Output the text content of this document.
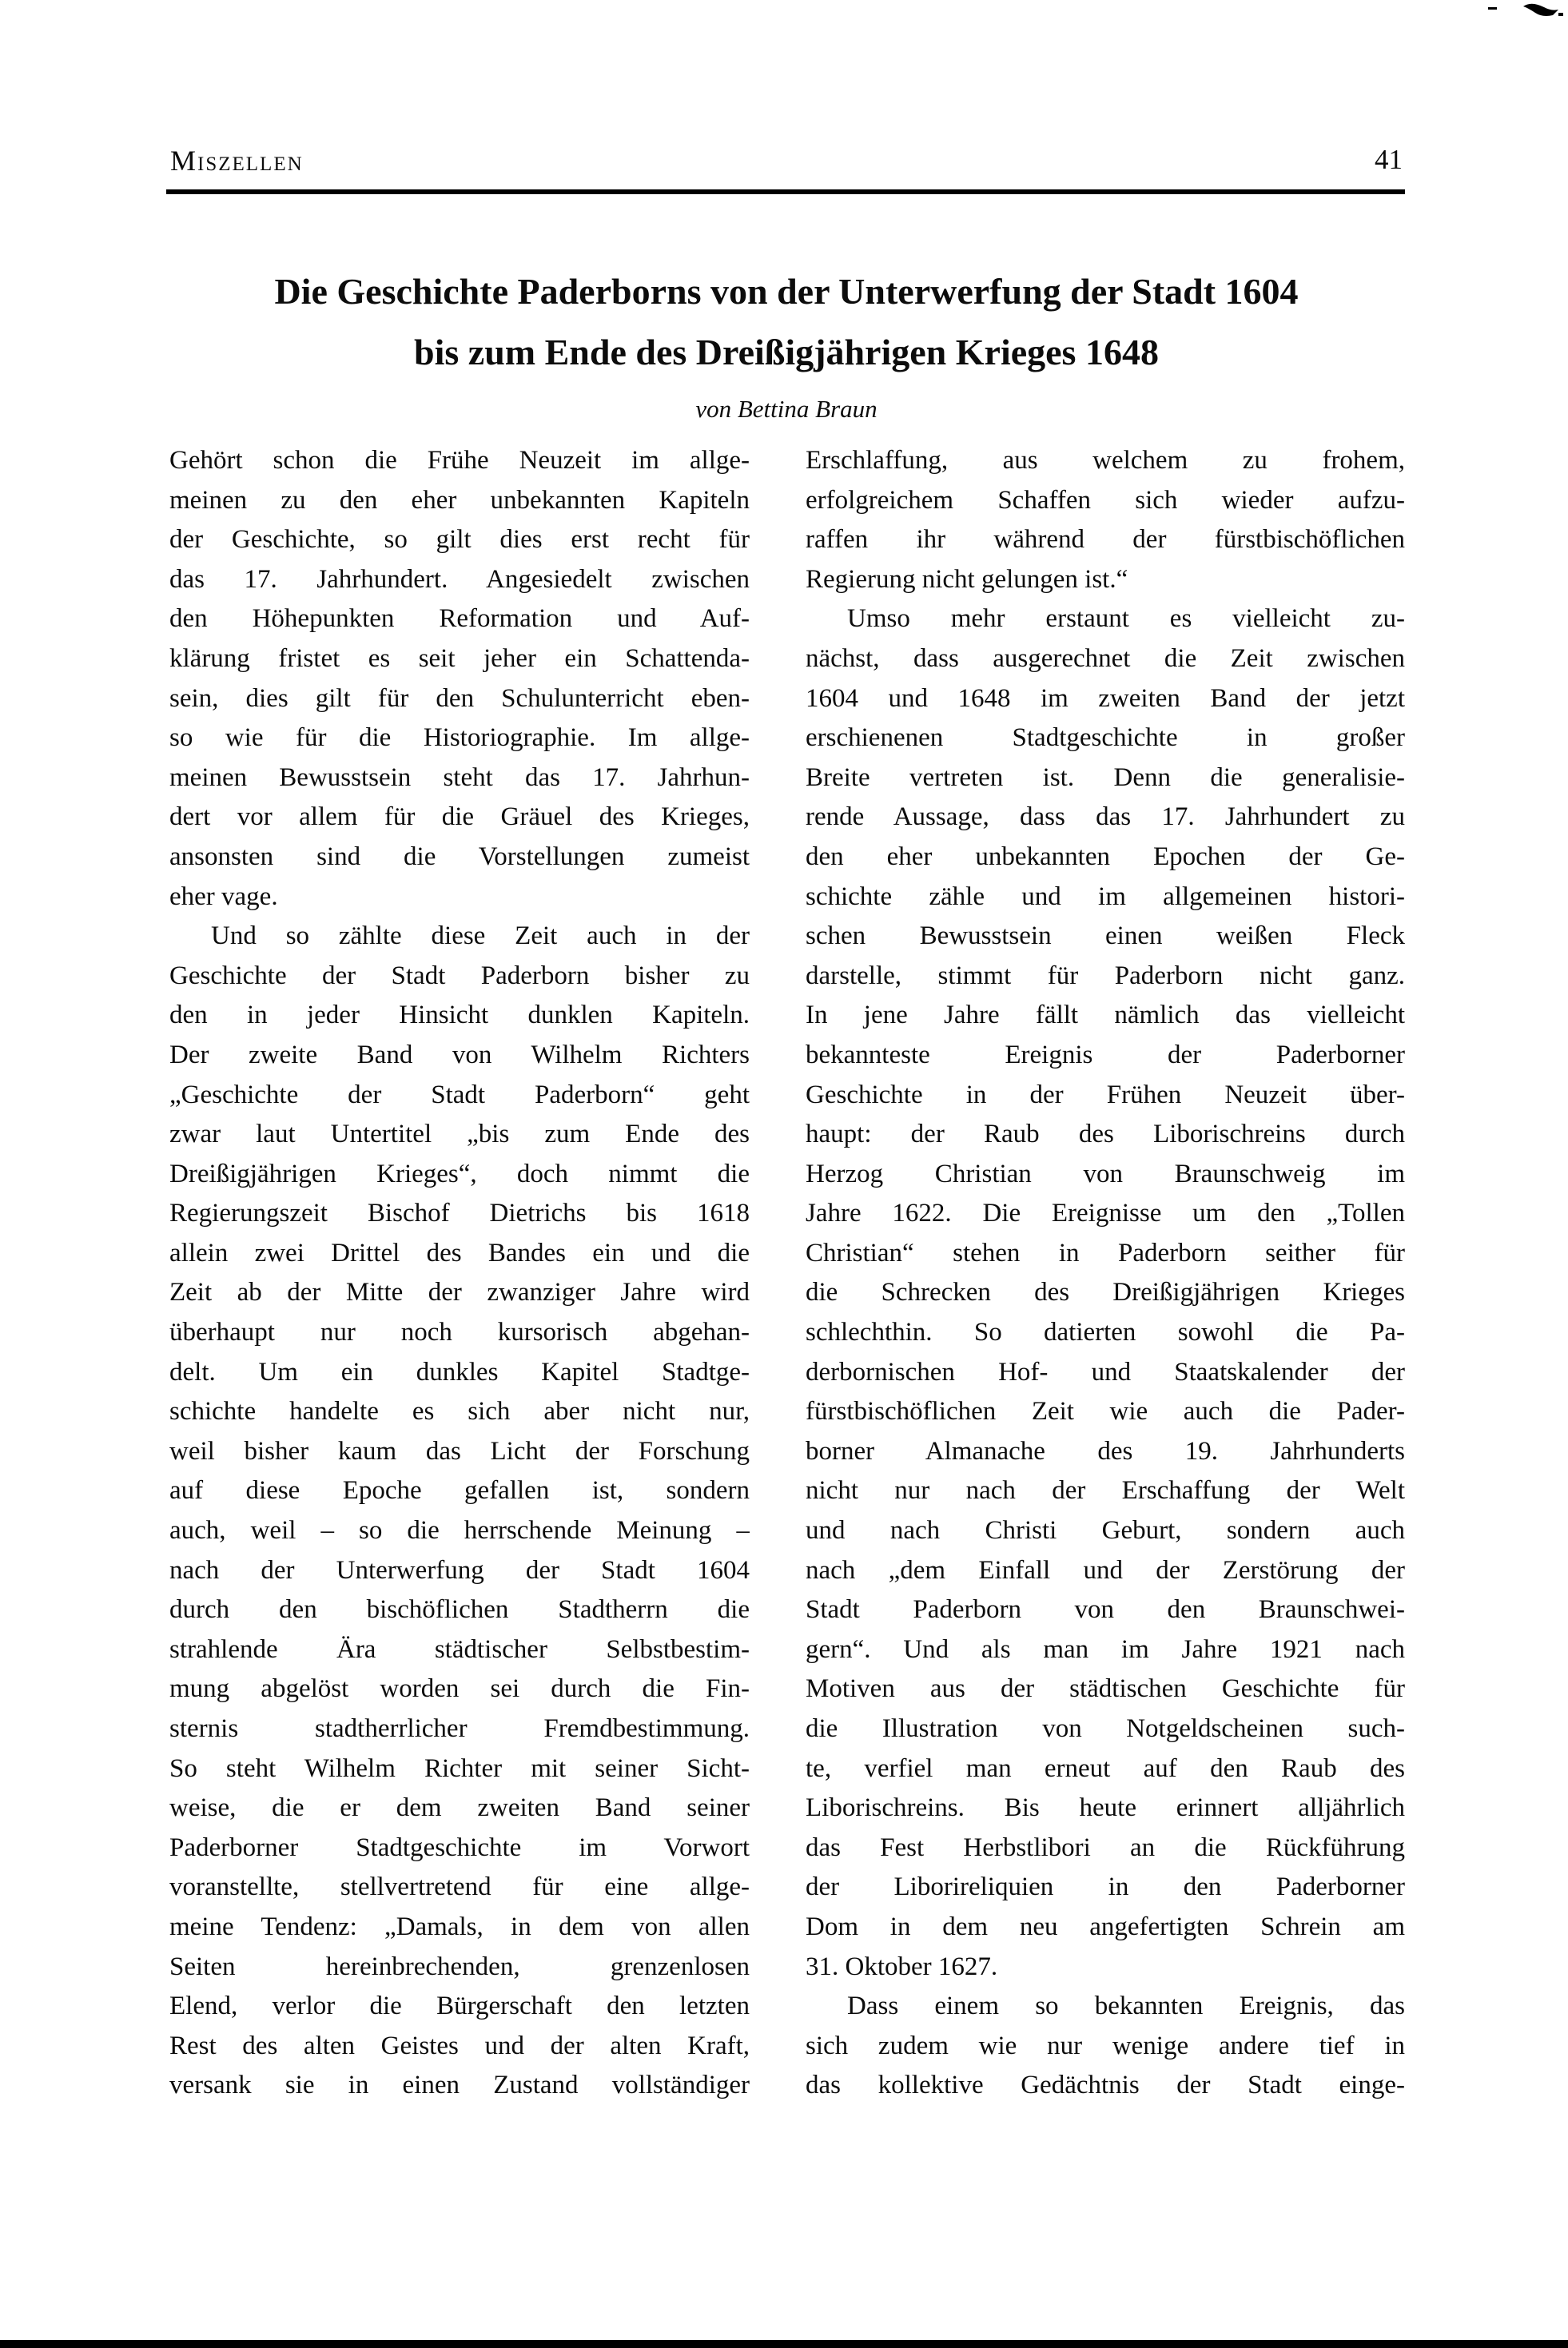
Miszellen	41
Die Geschichte Paderborns von der Unterwerfung der Stadt 1604
bis zum Ende des Dreißigjährigen Krieges 1648
von Bettina Braun
Gehört schon die Frühe Neuzeit im allge-
meinen zu den eher unbekannten Kapiteln
der Geschichte, so gilt dies erst recht für
das 17. Jahrhundert. Angesiedelt zwischen
den Höhepunkten Reformation und Auf-
klärung fristet es seit jeher ein Schattenda-
sein, dies gilt für den Schulunterricht eben-
so wie für die Historiographie. Im allge-
meinen Bewusstsein steht das 17. Jahrhun-
dert vor allem für die Gräuel des Krieges,
ansonsten sind die Vorstellungen zumeist
eher vage.
Und so zählte diese Zeit auch in der
Geschichte der Stadt Paderborn bisher zu
den in jeder Hinsicht dunklen Kapiteln.
Der zweite Band von Wilhelm Richters
„Geschichte der Stadt Paderborn“ geht
zwar laut Untertitel „bis zum Ende des
Dreißigjährigen Krieges“, doch nimmt die
Regierungszeit Bischof Dietrichs bis 1618
allein zwei Drittel des Bandes ein und die
Zeit ab der Mitte der zwanziger Jahre wird
überhaupt nur noch kursorisch abgehan-
delt. Um ein dunkles Kapitel Stadtge-
schichte handelte es sich aber nicht nur,
weil bisher kaum das Licht der Forschung
auf diese Epoche gefallen ist, sondern
auch, weil – so die herrschende Meinung –
nach der Unterwerfung der Stadt 1604
durch den bischöflichen Stadtherrn die
strahlende Ära städtischer Selbstbestim-
mung abgelöst worden sei durch die Fin-
sternis stadtherrlicher Fremdbestimmung.
So steht Wilhelm Richter mit seiner Sicht-
weise, die er dem zweiten Band seiner
Paderborner Stadtgeschichte im Vorwort
voranstellte, stellvertretend für eine allge-
meine Tendenz: „Damals, in dem von allen
Seiten hereinbrechenden, grenzenlosen
Elend, verlor die Bürgerschaft den letzten
Rest des alten Geistes und der alten Kraft,
versank sie in einen Zustand vollständiger
Erschlaffung, aus welchem zu frohem,
erfolgreichem Schaffen sich wieder aufzu-
raffen ihr während der fürstbischöflichen
Regierung nicht gelungen ist.“
Umso mehr erstaunt es vielleicht zu-
nächst, dass ausgerechnet die Zeit zwischen
1604 und 1648 im zweiten Band der jetzt
erschienenen Stadtgeschichte in großer
Breite vertreten ist. Denn die generalisie-
rende Aussage, dass das 17. Jahrhundert zu
den eher unbekannten Epochen der Ge-
schichte zähle und im allgemeinen histori-
schen Bewusstsein einen weißen Fleck
darstelle, stimmt für Paderborn nicht ganz.
In jene Jahre fällt nämlich das vielleicht
bekannteste Ereignis der Paderborner
Geschichte in der Frühen Neuzeit über-
haupt: der Raub des Liborischreins durch
Herzog Christian von Braunschweig im
Jahre 1622. Die Ereignisse um den „Tollen
Christian“ stehen in Paderborn seither für
die Schrecken des Dreißigjährigen Krieges
schlechthin. So datierten sowohl die Pa-
derbornischen Hof- und Staatskalender der
fürstbischöflichen Zeit wie auch die Pader-
borner Almanache des 19. Jahrhunderts
nicht nur nach der Erschaffung der Welt
und nach Christi Geburt, sondern auch
nach „dem Einfall und der Zerstörung der
Stadt Paderborn von den Braunschwei-
gern“. Und als man im Jahre 1921 nach
Motiven aus der städtischen Geschichte für
die Illustration von Notgeldscheinen such-
te, verfiel man erneut auf den Raub des
Liborischreins. Bis heute erinnert alljährlich
das Fest Herbstlibori an die Rückführung
der Liborireliquien in den Paderborner
Dom in dem neu angefertigten Schrein am
31. Oktober 1627.
Dass einem so bekannten Ereignis, das
sich zudem wie nur wenige andere tief in
das kollektive Gedächtnis der Stadt einge-
